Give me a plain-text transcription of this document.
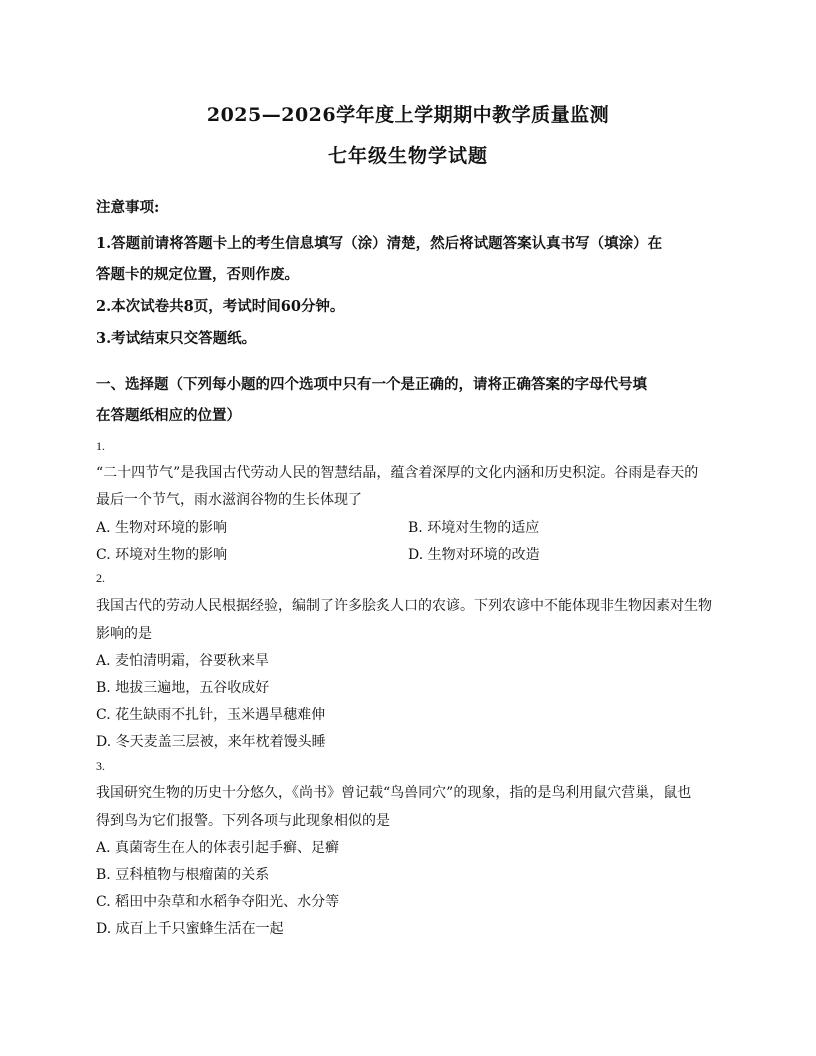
2025—2026学年度上学期期中教学质量监测
七年级生物学试题
注意事项:
1.答题前请将答题卡上的考生信息填写（涂）清楚，然后将试题答案认真书写（填涂）在
答题卡的规定位置，否则作废。
2.本次试卷共8页，考试时间60分钟。
3.考试结束只交答题纸。
一、选择题（下列每小题的四个选项中只有一个是正确的，请将正确答案的字母代号填
在答题纸相应的位置）
1.
“二十四节气”是我国古代劳动人民的智慧结晶，蕴含着深厚的文化内涵和历史积淀。谷雨是春天的
最后一个节气，雨水滋润谷物的生长体现了
A. 生物对环境的影响	B. 环境对生物的适应
C. 环境对生物的影响	D. 生物对环境的改造
2.
我国古代的劳动人民根据经验，编制了许多脍炙人口的农谚。下列农谚中不能体现非生物因素对生物
影响的是
A. 麦怕清明霜，谷要秋来旱
B. 地拔三遍地，五谷收成好
C. 花生缺雨不扎针，玉米遇旱穗难伸
D. 冬天麦盖三层被，来年枕着馒头睡
3.
我国研究生物的历史十分悠久，《尚书》曾记载“鸟兽同穴”的现象，指的是鸟利用鼠穴营巢，鼠也
得到鸟为它们报警。下列各项与此现象相似的是
A. 真菌寄生在人的体表引起手癣、足癣
B. 豆科植物与根瘤菌的关系
C. 稻田中杂草和水稻争夺阳光、水分等
D. 成百上千只蜜蜂生活在一起
